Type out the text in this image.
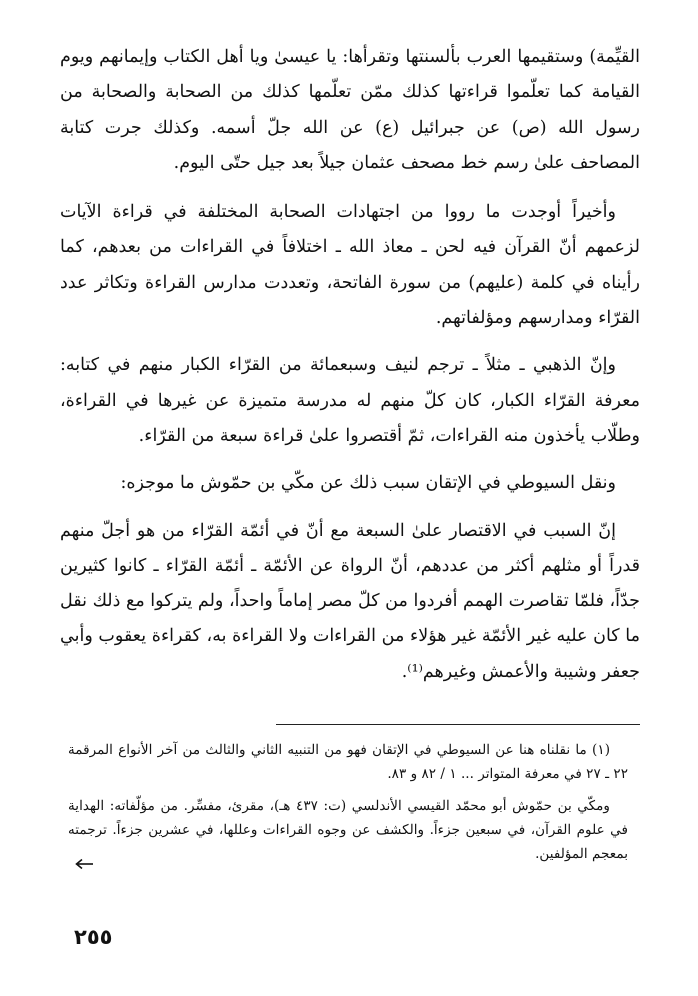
القيِّمة) وستقيمها العرب بألسنتها وتقرأها: يا عيسىٰ ويا أهل الكتاب وإيمانهم ويوم القيامة كما تعلّموا قراءتها كذلك ممّن تعلّمها كذلك من الصحابة والصحابة من رسول الله (ص) عن جبرائيل (ع) عن الله جلّ أسمه. وكذلك جرت كتابة المصاحف علىٰ رسم خط مصحف عثمان جيلاً بعد جيل حتّى اليوم.

وأخيراً أوجدت ما رووا من اجتهادات الصحابة المختلفة في قراءة الآيات لزعمهم أنّ القرآن فيه لحن ـ معاذ الله ـ اختلافاً في القراءات من بعدهم، كما رأيناه في كلمة (عليهم) من سورة الفاتحة، وتعددت مدارس القراءة وتكاثر عدد القرّاء ومدارسهم ومؤلفاتهم.

وإنّ الذهبي ـ مثلاً ـ ترجم لنيف وسبعمائة من القرّاء الكبار منهم في كتابه: معرفة القرّاء الكبار، كان كلّ منهم له مدرسة متميزة عن غيرها في القراءة، وطلّاب يأخذون منه القراءات، ثمّ أقتصروا علىٰ قراءة سبعة من القرّاء.

ونقل السيوطي في الإتقان سبب ذلك عن مكّي بن حمّوش ما موجزه:

إنّ السبب في الاقتصار علىٰ السبعة مع أنّ في أئمّة القرّاء من هو أجلّ منهم قدراً أو مثلهم أكثر من عددهم، أنّ الرواة عن الأئمّة ـ أئمّة القرّاء ـ كانوا كثيرين جدّاً، فلمّا تقاصرت الهمم أفردوا من كلّ مصر إماماً واحداً، ولم يتركوا مع ذلك نقل ما كان عليه غير الأئمّة غير هؤلاء من القراءات ولا القراءة به، كقراءة يعقوب وأبي جعفر وشيبة والأعمش وغيرهم⁽¹⁾.

(١) ما نقلناه هنا عن السيوطي في الإتقان فهو من التنبيه الثاني والثالث من آخر الأنواع المرقمة ٢٢ ـ ٢٧ في معرفة المتواتر ... ١ / ٨٢ و ٨٣.

ومكّي بن حمّوش أبو محمّد القيسي الأندلسي (ت: ٤٣٧ هـ)، مقرئ، مفسِّر. من مؤلّفاته: الهداية في علوم القرآن، في سبعين جزءاً. والكشف عن وجوه القراءات وعللها، في عشرين جزءاً. ترجمته بمعجم المؤلفين.

٢٥٥
